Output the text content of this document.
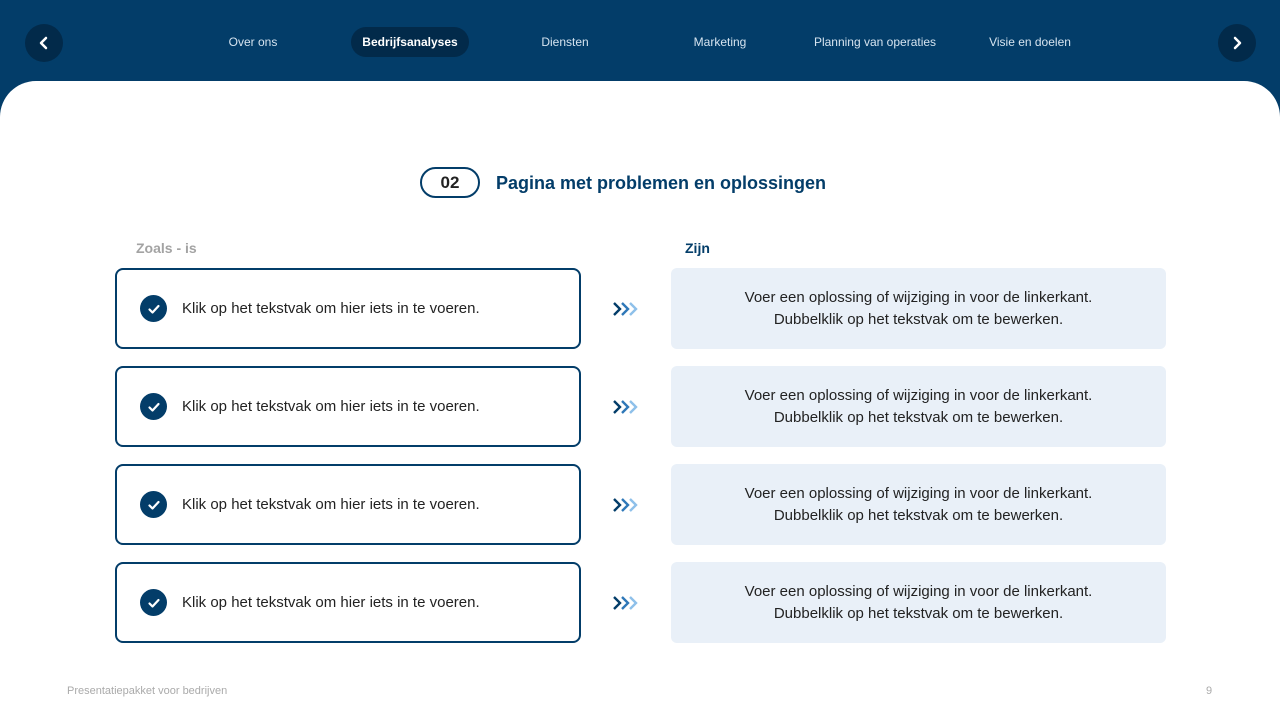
Over ons	Bedrijfsanalyses	Diensten	Marketing	Planning van operaties	Visie en doelen
02	Pagina met problemen en oplossingen
Zoals - is	Zijn
Klik op het tekstvak om hier iets in te voeren.
Voer een oplossing of wijziging in voor de linkerkant.
Dubbelklik op het tekstvak om te bewerken.
Klik op het tekstvak om hier iets in te voeren.
Voer een oplossing of wijziging in voor de linkerkant.
Dubbelklik op het tekstvak om te bewerken.
Klik op het tekstvak om hier iets in te voeren.
Voer een oplossing of wijziging in voor de linkerkant.
Dubbelklik op het tekstvak om te bewerken.
Klik op het tekstvak om hier iets in te voeren.
Voer een oplossing of wijziging in voor de linkerkant.
Dubbelklik op het tekstvak om te bewerken.
Presentatiepakket voor bedrijven	9
